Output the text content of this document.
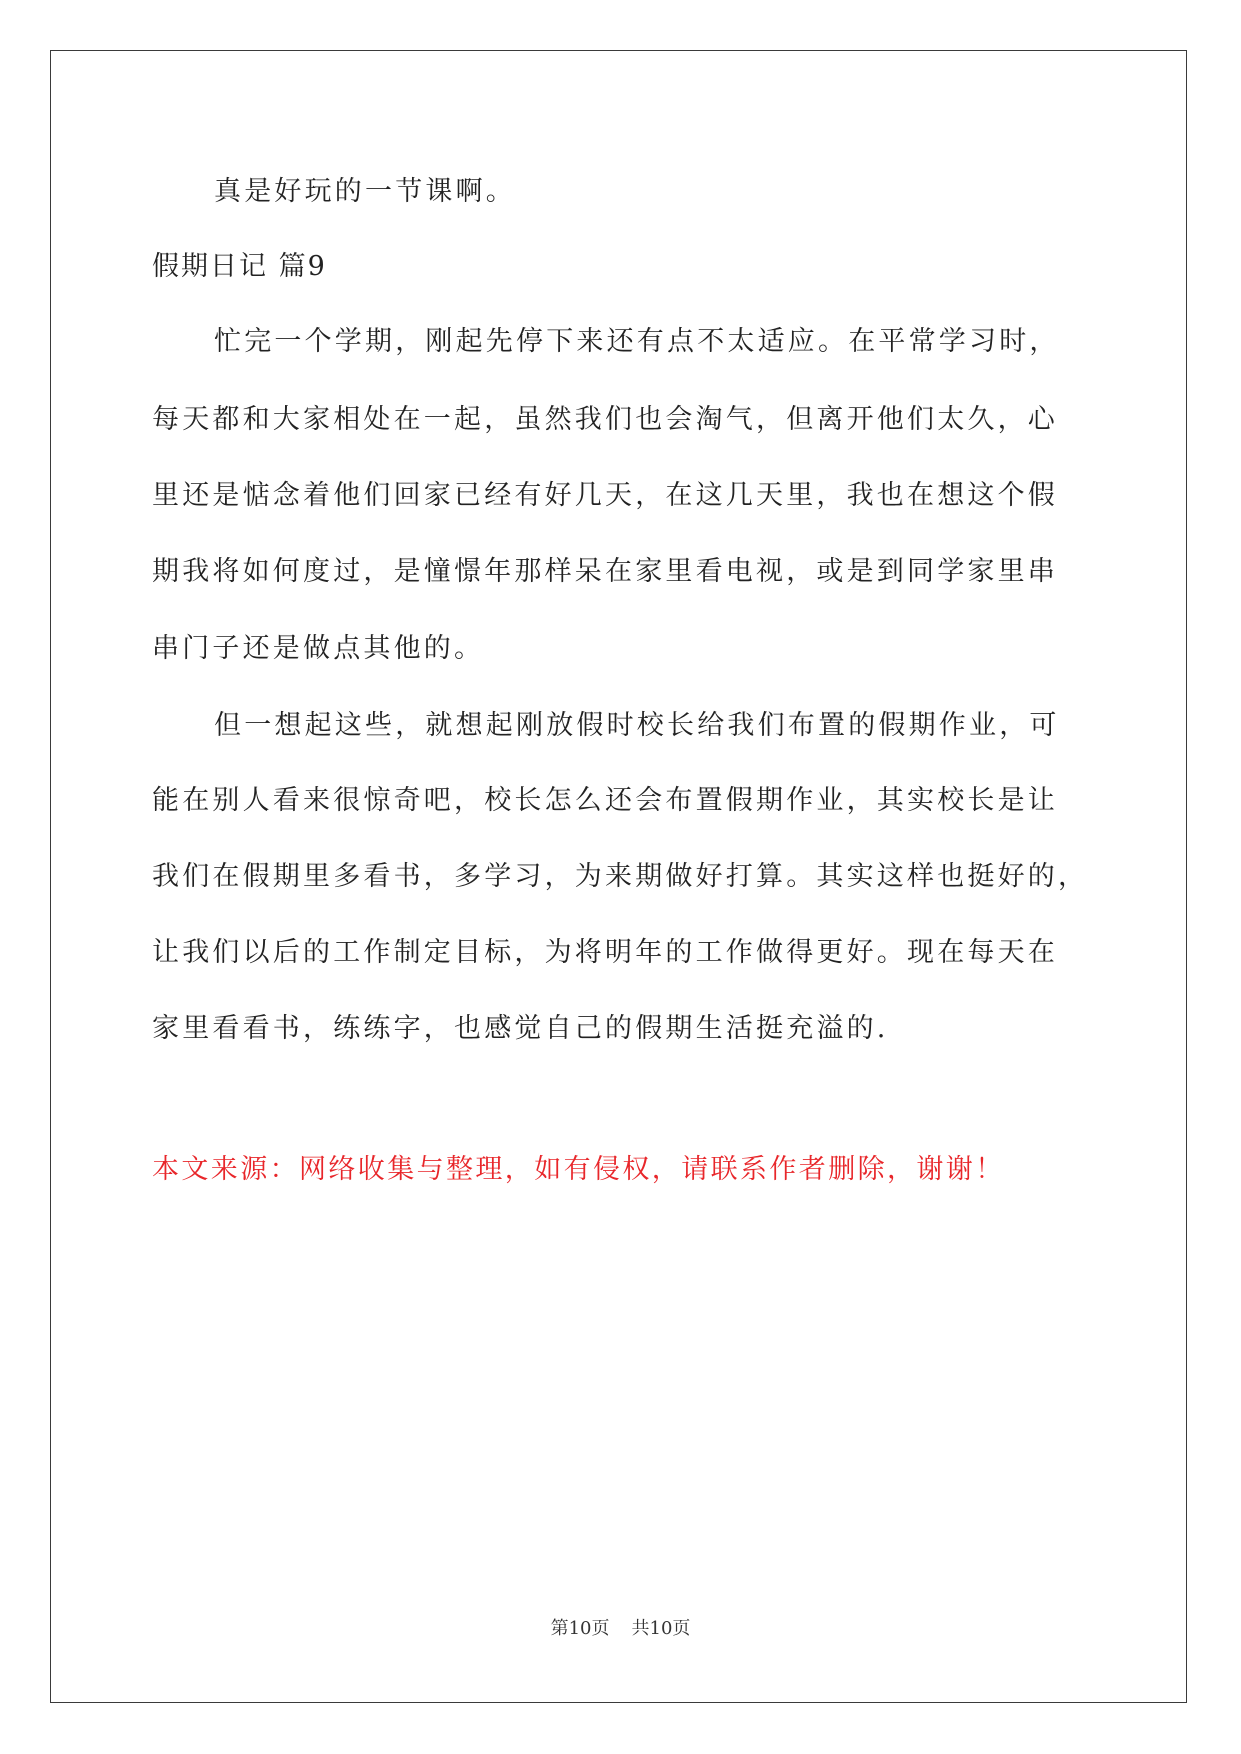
真是好玩的一节课啊。
假期日记 篇9
忙完一个学期，刚起先停下来还有点不太适应。在平常学习时，
每天都和大家相处在一起，虽然我们也会淘气，但离开他们太久，心
里还是惦念着他们回家已经有好几天，在这几天里，我也在想这个假
期我将如何度过，是憧憬年那样呆在家里看电视，或是到同学家里串
串门子还是做点其他的。
但一想起这些，就想起刚放假时校长给我们布置的假期作业，可
能在别人看来很惊奇吧，校长怎么还会布置假期作业，其实校长是让
我们在假期里多看书，多学习，为来期做好打算。其实这样也挺好的，
让我们以后的工作制定目标，为将明年的工作做得更好。现在每天在
家里看看书，练练字，也感觉自己的假期生活挺充溢的.
本文来源：网络收集与整理，如有侵权，请联系作者删除，谢谢！
第10页 共10页
